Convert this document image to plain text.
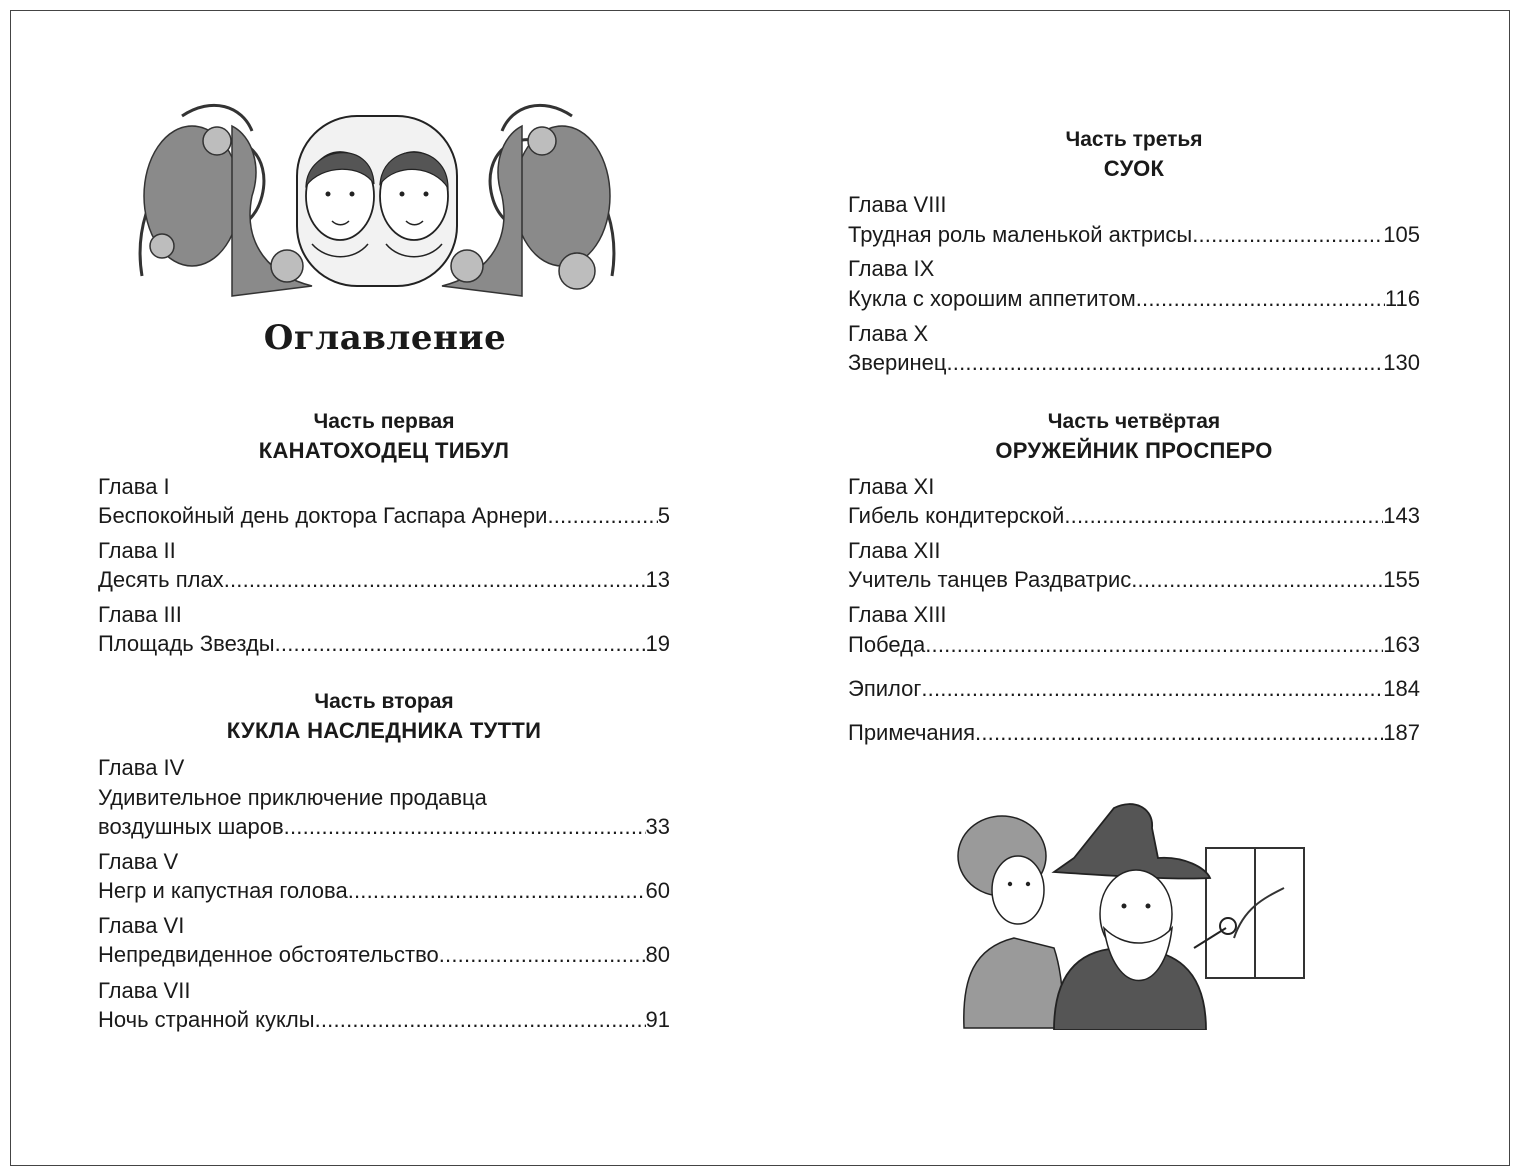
Оглавление
Часть первая
КАНАТОХОДЕЦ ТИБУЛ
Глава I
Беспокойный день доктора Гаспара Арнери .....	5
Глава II
Десять плах .....	13
Глава III
Площадь Звезды .....	19
Часть вторая
КУКЛА НАСЛЕДНИКА ТУТТИ
Глава IV
Удивительное приключение продавца
воздушных шаров .....	33
Глава V
Негр и капустная голова .....	60
Глава VI
Непредвиденное обстоятельство .....	80
Глава VII
Ночь странной куклы .....	91
Часть третья
СУОК
Глава VIII
Трудная роль маленькой актрисы .....	105
Глава IX
Кукла с хорошим аппетитом .....	116
Глава X
Зверинец .....	130
Часть четвёртая
ОРУЖЕЙНИК ПРОСПЕРО
Глава XI
Гибель кондитерской .....	143
Глава XII
Учитель танцев Раздватрис .....	155
Глава XIII
Победа .....	163
Эпилог .....	184
Примечания .....	187
